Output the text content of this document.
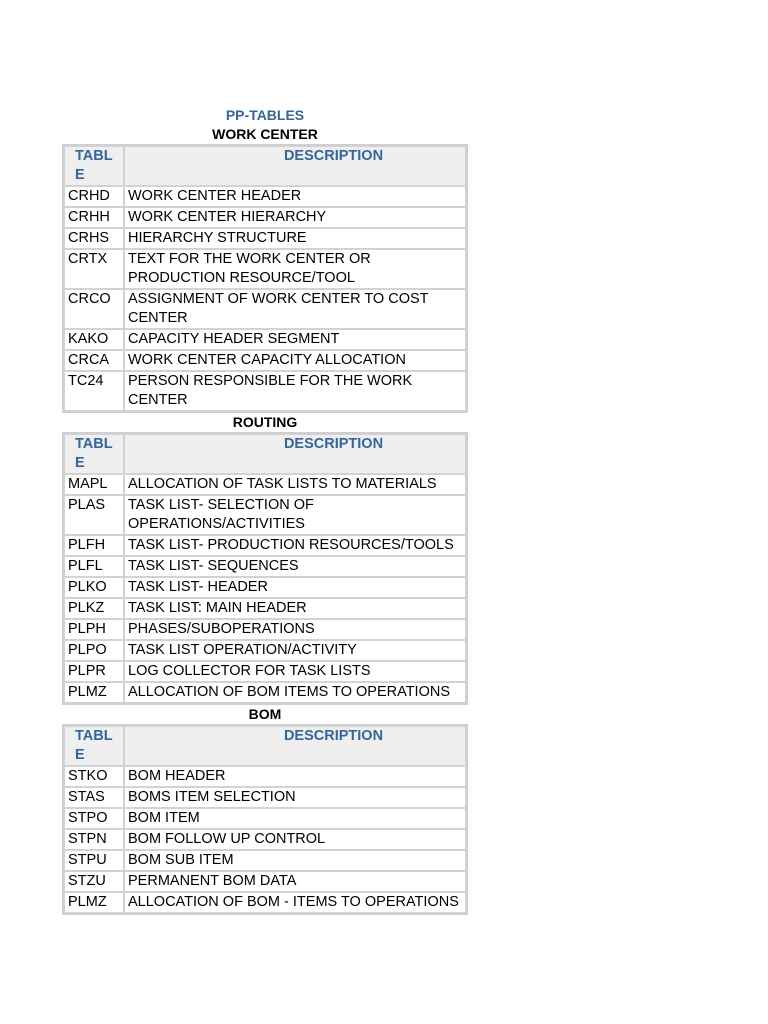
PP-TABLES
WORK CENTER
TABL E	DESCRIPTION
CRHD	WORK CENTER HEADER
CRHH	WORK CENTER HIERARCHY
CRHS	HIERARCHY STRUCTURE
CRTX	TEXT FOR THE WORK CENTER OR PRODUCTION RESOURCE/TOOL
CRCO	ASSIGNMENT OF WORK CENTER TO COST CENTER
KAKO	CAPACITY HEADER SEGMENT
CRCA	WORK CENTER CAPACITY ALLOCATION
TC24	PERSON RESPONSIBLE FOR THE WORK CENTER
ROUTING
TABL E	DESCRIPTION
MAPL	ALLOCATION OF TASK LISTS TO MATERIALS
PLAS	TASK LIST- SELECTION OF OPERATIONS/ACTIVITIES
PLFH	TASK LIST- PRODUCTION RESOURCES/TOOLS
PLFL	TASK LIST- SEQUENCES
PLKO	TASK LIST- HEADER
PLKZ	TASK LIST: MAIN HEADER
PLPH	PHASES/SUBOPERATIONS
PLPO	TASK LIST OPERATION/ACTIVITY
PLPR	LOG COLLECTOR FOR TASK LISTS
PLMZ	ALLOCATION OF BOM ITEMS TO OPERATIONS
BOM
TABL E	DESCRIPTION
STKO	BOM HEADER
STAS	BOMS ITEM SELECTION
STPO	BOM ITEM
STPN	BOM FOLLOW UP CONTROL
STPU	BOM SUB ITEM
STZU	PERMANENT BOM DATA
PLMZ	ALLOCATION OF BOM - ITEMS TO OPERATIONS
